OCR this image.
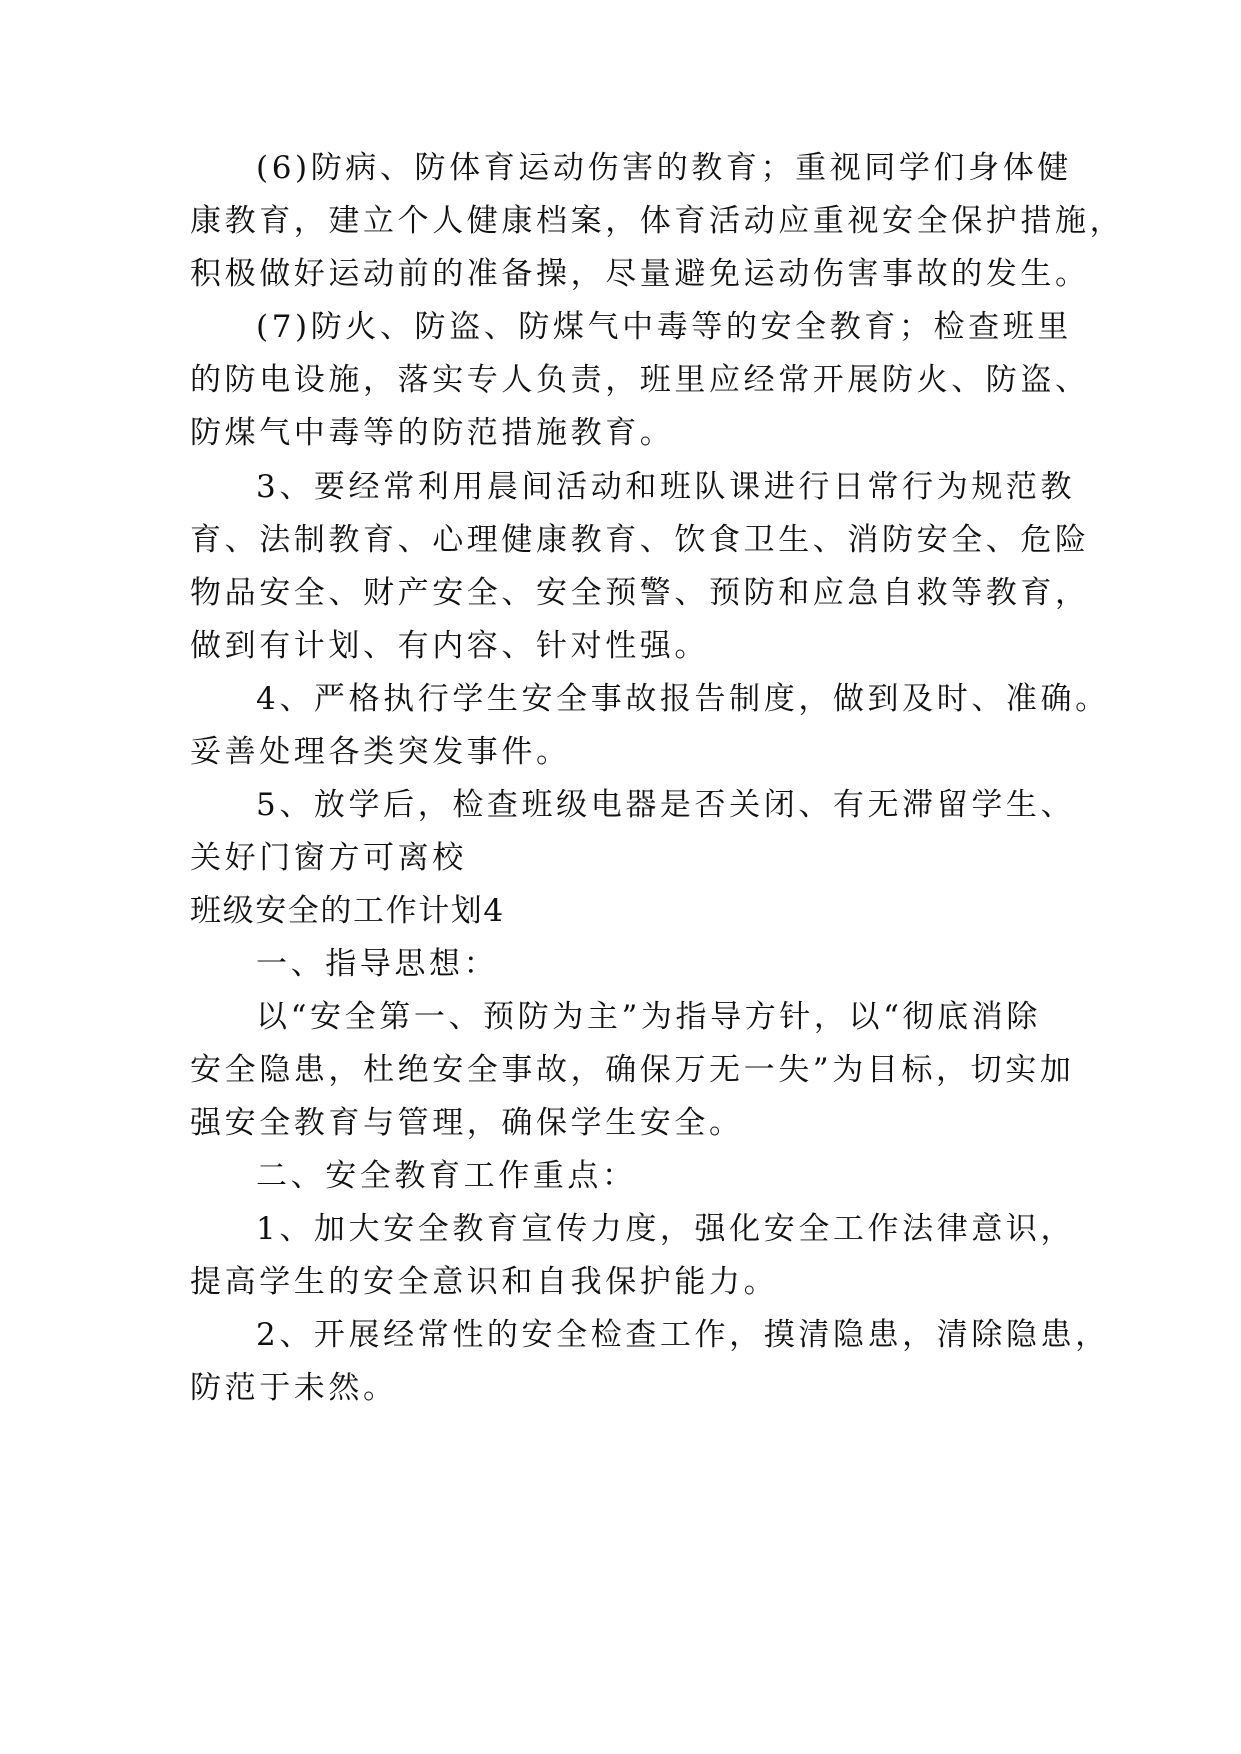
(6)防病、防体育运动伤害的教育；重视同学们身体健
康教育，建立个人健康档案，体育活动应重视安全保护措施，
积极做好运动前的准备操，尽量避免运动伤害事故的发生。
(7)防火、防盗、防煤气中毒等的安全教育；检查班里
的防电设施，落实专人负责，班里应经常开展防火、防盗、
防煤气中毒等的防范措施教育。
3、要经常利用晨间活动和班队课进行日常行为规范教
育、法制教育、心理健康教育、饮食卫生、消防安全、危险
物品安全、财产安全、安全预警、预防和应急自救等教育，
做到有计划、有内容、针对性强。
4、严格执行学生安全事故报告制度，做到及时、准确。
妥善处理各类突发事件。
5、放学后，检查班级电器是否关闭、有无滞留学生、
关好门窗方可离校
班级安全的工作计划4
一、指导思想：
以“安全第一、预防为主”为指导方针，以“彻底消除
安全隐患，杜绝安全事故，确保万无一失”为目标，切实加
强安全教育与管理，确保学生安全。
二、安全教育工作重点：
1、加大安全教育宣传力度，强化安全工作法律意识，
提高学生的安全意识和自我保护能力。
2、开展经常性的安全检查工作，摸清隐患，清除隐患，
防范于未然。
